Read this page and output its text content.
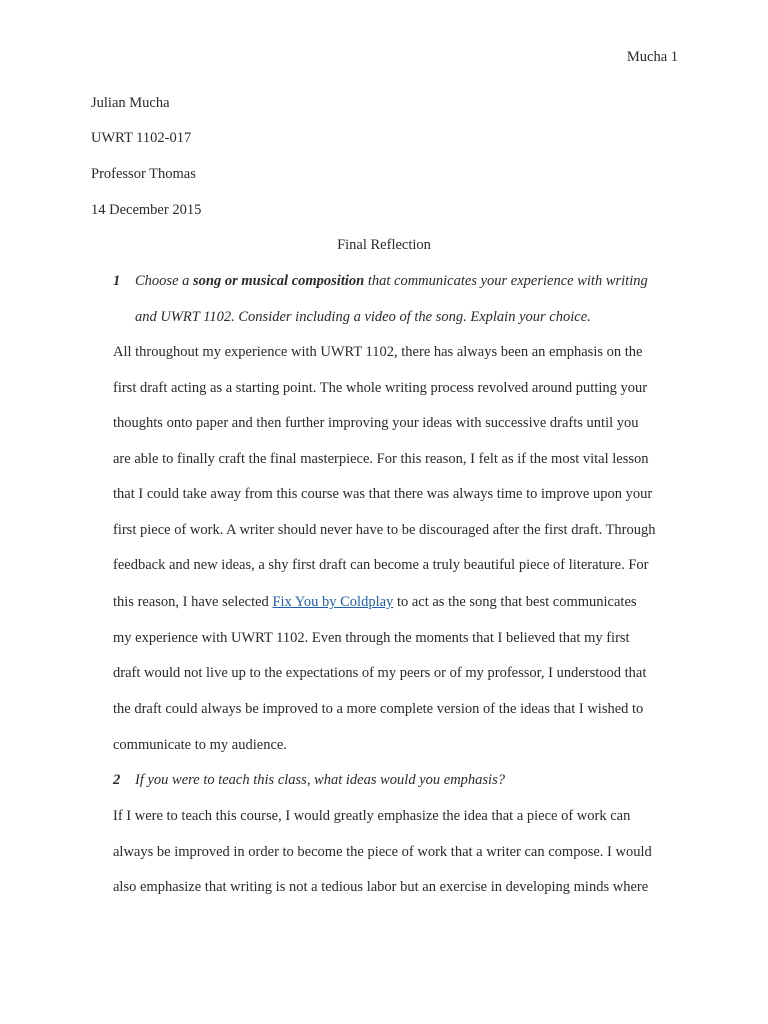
Mucha 1
Julian Mucha
UWRT 1102-017
Professor Thomas
14 December 2015
Final Reflection
1 Choose a song or musical composition that communicates your experience with writing
and UWRT 1102. Consider including a video of the song. Explain your choice.
All throughout my experience with UWRT 1102, there has always been an emphasis on the
first draft acting as a starting point. The whole writing process revolved around putting your
thoughts onto paper and then further improving your ideas with successive drafts until you
are able to finally craft the final masterpiece. For this reason, I felt as if the most vital lesson
that I could take away from this course was that there was always time to improve upon your
first piece of work. A writer should never have to be discouraged after the first draft. Through
feedback and new ideas, a shy first draft can become a truly beautiful piece of literature. For
this reason, I have selected Fix You by Coldplay to act as the song that best communicates
my experience with UWRT 1102. Even through the moments that I believed that my first
draft would not live up to the expectations of my peers or of my professor, I understood that
the draft could always be improved to a more complete version of the ideas that I wished to
communicate to my audience.
2 If you were to teach this class, what ideas would you emphasis?
If I were to teach this course, I would greatly emphasize the idea that a piece of work can
always be improved in order to become the piece of work that a writer can compose. I would
also emphasize that writing is not a tedious labor but an exercise in developing minds where
